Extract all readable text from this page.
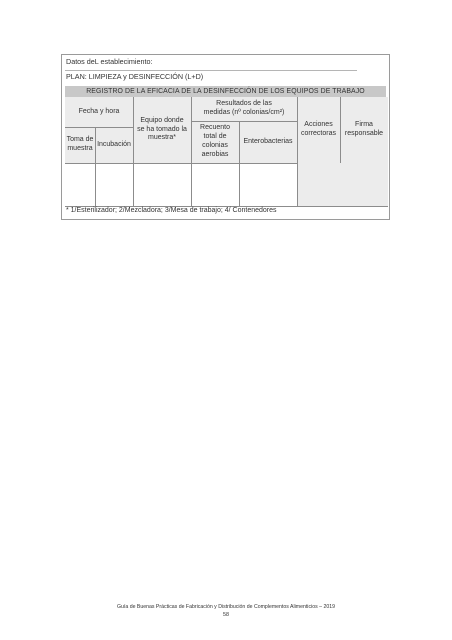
Datos deL establecimiento:
PLAN: LIMPIEZA y DESINFECCIÓN (L+D)
REGISTRO DE LA EFICACIA DE LA DESINFECCIÓN DE LOS EQUIPOS DE TRABAJO
Fecha y hora
Toma de muestra
Incubación
Equipo donde se ha tomado la muestra*
Resultados de las medidas (nº colonias/cm²)
Recuento total de colonias aerobias
Enterobacterias
Acciones correctoras
Firma responsable
* 1/Esterilizador; 2/Mezcladora; 3/Mesa de trabajo; 4/ Contenedores
Guía de Buenas Prácticas de Fabricación y Distribución de Complementos Alimenticios – 2019
58
